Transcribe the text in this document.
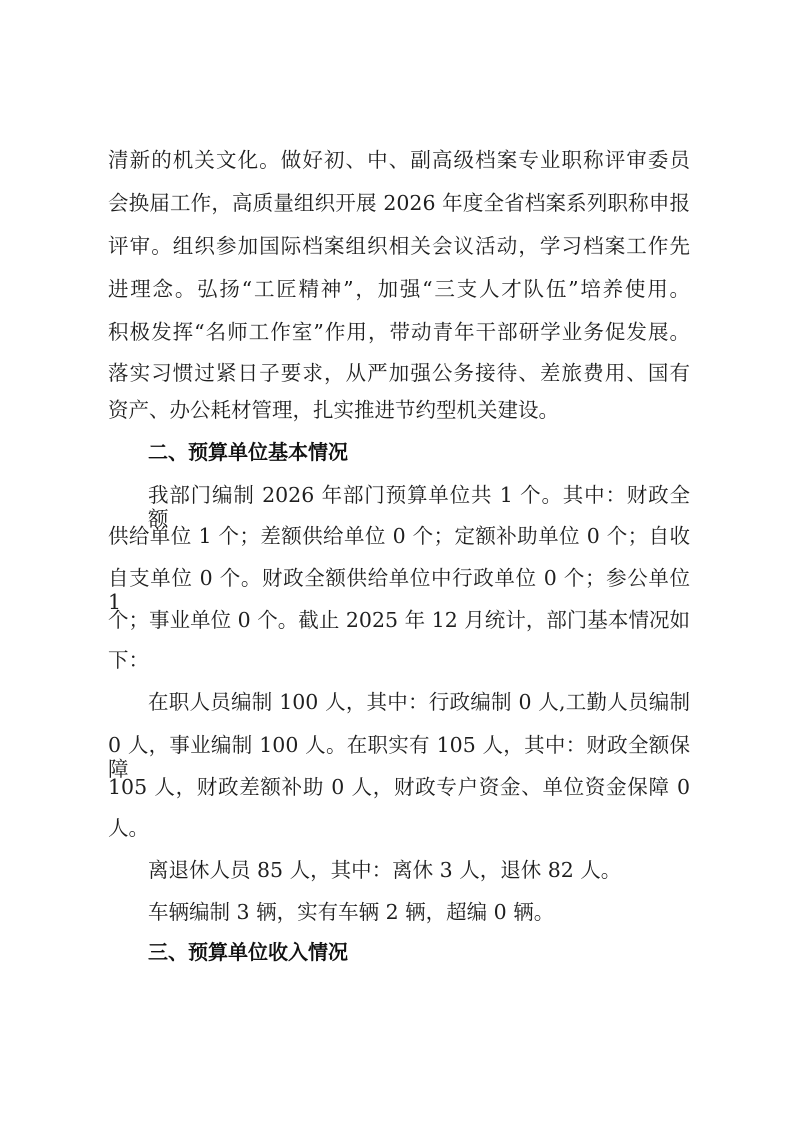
清新的机关文化。做好初、中、副高级档案专业职称评审委员

会换届工作，高质量组织开展 2026 年度全省档案系列职称申报

评审。组织参加国际档案组织相关会议活动，学习档案工作先

进理念。弘扬“工匠精神”，加强“三支人才队伍”培养使用。

积极发挥“名师工作室”作用，带动青年干部研学业务促发展。

落实习惯过紧日子要求，从严加强公务接待、差旅费用、国有

资产、办公耗材管理，扎实推进节约型机关建设。

二、预算单位基本情况

我部门编制 2026 年部门预算单位共 1 个。其中：财政全额

供给单位 1 个；差额供给单位 0 个；定额补助单位 0 个；自收

自支单位 0 个。财政全额供给单位中行政单位 0 个；参公单位 1

个；事业单位 0 个。截止 2025 年 12 月统计，部门基本情况如

下：

在职人员编制 100 人，其中：行政编制 0 人,工勤人员编制

0 人，事业编制 100 人。在职实有 105 人，其中：财政全额保障

105 人，财政差额补助 0 人，财政专户资金、单位资金保障 0

人。

离退休人员 85 人，其中：离休 3 人，退休 82 人。

车辆编制 3 辆，实有车辆 2 辆，超编 0 辆。

三、预算单位收入情况
